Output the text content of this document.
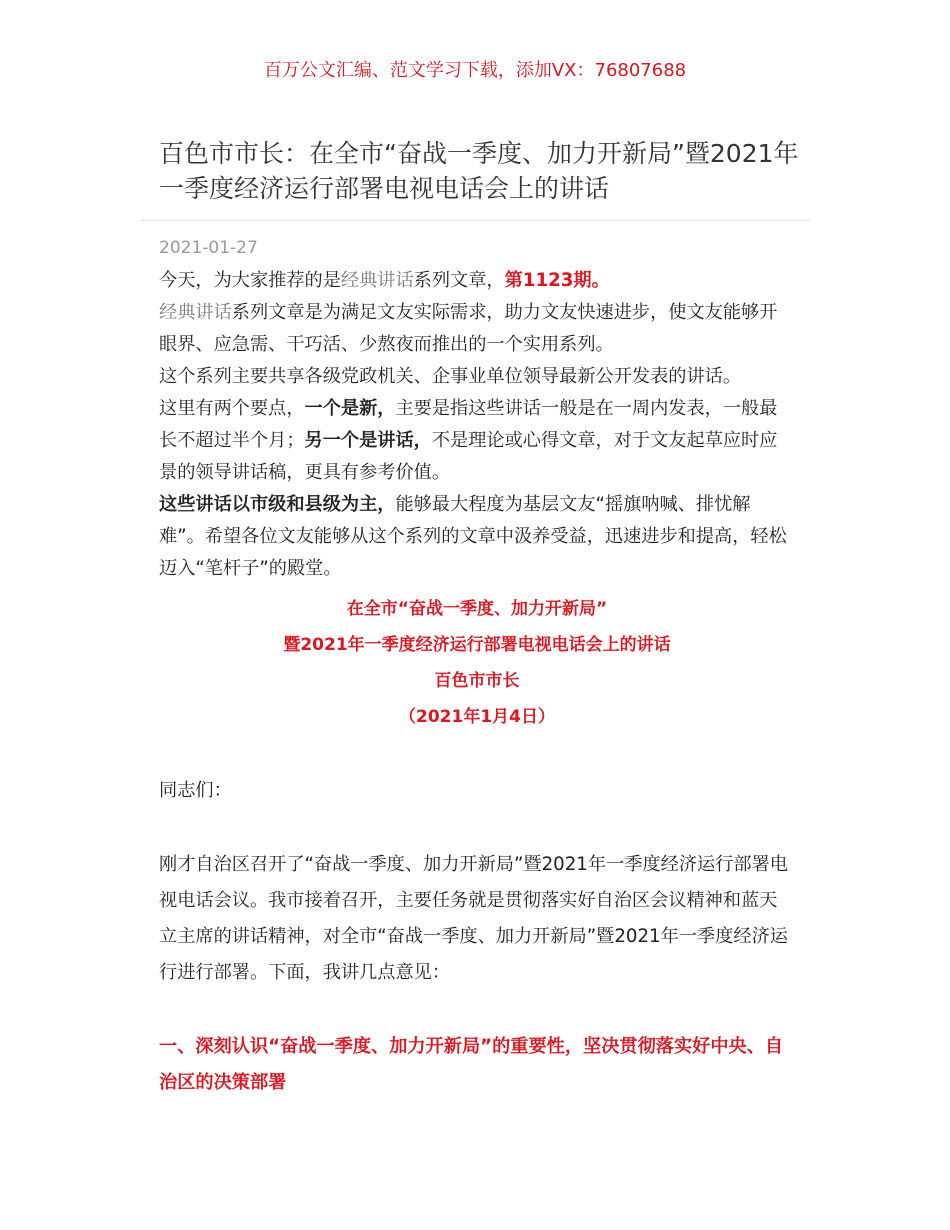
百万公文汇编、范文学习下载，添加VX：76807688
百色市市长：在全市“奋战一季度、加力开新局”暨2021年一季度经济运行部署电视电话会上的讲话
2021-01-27

今天，为大家推荐的是经典讲话系列文章，第1123期。

经典讲话系列文章是为满足文友实际需求，助力文友快速进步，使文友能够开眼界、应急需、干巧活、少熬夜而推出的一个实用系列。

这个系列主要共享各级党政机关、企事业单位领导最新公开发表的讲话。

这里有两个要点，一个是新，主要是指这些讲话一般是在一周内发表，一般最长不超过半个月；另一个是讲话，不是理论或心得文章，对于文友起草应时应景的领导讲话稿，更具有参考价值。

这些讲话以市级和县级为主，能够最大程度为基层文友“摇旗呐喊、排忧解难”。希望各位文友能够从这个系列的文章中汲养受益，迅速进步和提高，轻松迈入“笔杆子”的殿堂。

在全市“奋战一季度、加力开新局”

暨2021年一季度经济运行部署电视电话会上的讲话

百色市市长

（2021年1月4日）

同志们：

刚才自治区召开了“奋战一季度、加力开新局”暨2021年一季度经济运行部署电视电话会议。我市接着召开，主要任务就是贯彻落实好自治区会议精神和蓝天立主席的讲话精神，对全市“奋战一季度、加力开新局”暨2021年一季度经济运行进行部署。下面，我讲几点意见：

一、深刻认识“奋战一季度、加力开新局”的重要性，坚决贯彻落实好中央、自治区的决策部署
